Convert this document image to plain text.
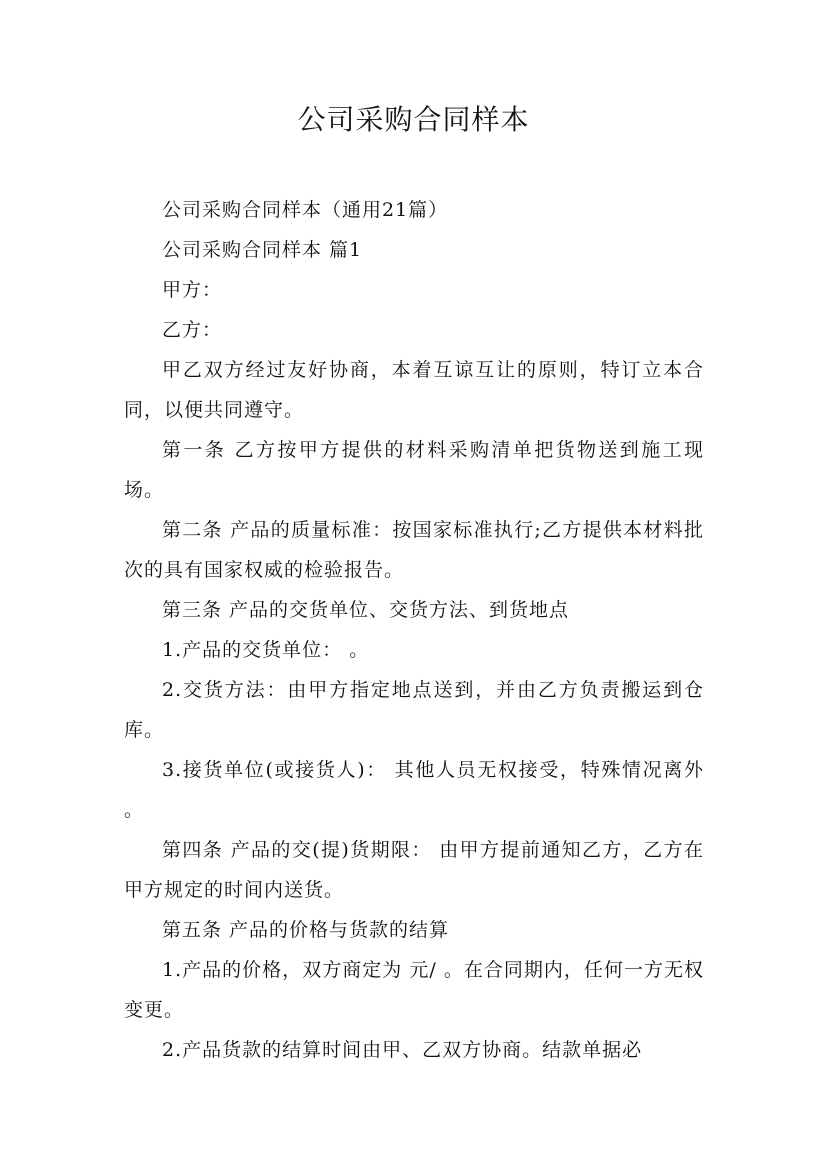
公司采购合同样本

公司采购合同样本（通用21篇）

公司采购合同样本 篇1

甲方：

乙方：

甲乙双方经过友好协商，本着互谅互让的原则，特订立本合同，以便共同遵守。

第一条 乙方按甲方提供的材料采购清单把货物送到施工现场。

第二条 产品的质量标准：按国家标准执行;乙方提供本材料批次的具有国家权威的检验报告。

第三条 产品的交货单位、交货方法、到货地点

1.产品的交货单位： 。

2.交货方法：由甲方指定地点送到，并由乙方负责搬运到仓库。

3.接货单位(或接货人)： 其他人员无权接受，特殊情况离外 。

第四条 产品的交(提)货期限： 由甲方提前通知乙方，乙方在甲方规定的时间内送货。

第五条 产品的价格与货款的结算

1.产品的价格，双方商定为 元/ 。在合同期内，任何一方无权变更。

2.产品货款的结算时间由甲、乙双方协商。结款单据必
